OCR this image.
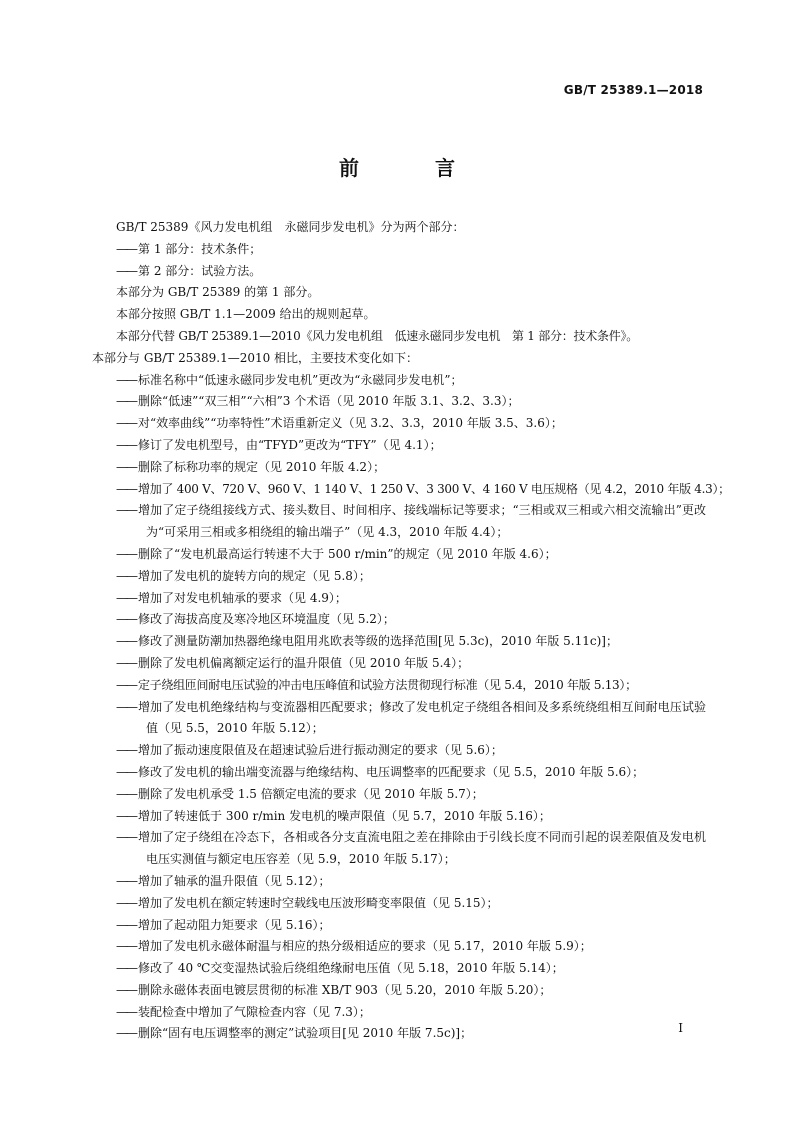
GB/T 25389.1—2018
前　言

GB/T 25389《风力发电机组　永磁同步发电机》分为两个部分：

—— 第 1 部分：技术条件；

—— 第 2 部分：试验方法。

本部分为 GB/T 25389 的第 1 部分。

本部分按照 GB/T 1.1—2009 给出的规则起草。

本部分代替 GB/T 25389.1—2010《风力发电机组　低速永磁同步发电机　第 1 部分：技术条件》。

本部分与 GB/T 25389.1—2010 相比，主要技术变化如下：

—— 标准名称中“低速永磁同步发电机”更改为“永磁同步发电机”；

—— 删除“低速”“双三相”“六相”3 个术语（见 2010 年版 3.1、3.2、3.3）；

—— 对“效率曲线”“功率特性”术语重新定义（见 3.2、3.3，2010 年版 3.5、3.6）；

—— 修订了发电机型号，由“TFYD”更改为“TFY”（见 4.1）；

—— 删除了标称功率的规定（见 2010 年版 4.2）；

—— 增加了 400 V、720 V、960 V、1 140 V、1 250 V、3 300 V、4 160 V 电压规格（见 4.2，2010 年版 4.3）；

—— 增加了定子绕组接线方式、接头数目、时间相序、接线端标记等要求；“三相或双三相或六相交流输出”更改为“可采用三相或多相绕组的输出端子”（见 4.3，2010 年版 4.4）；

—— 删除了“发电机最高运行转速不大于 500 r/min”的规定（见 2010 年版 4.6）；

—— 增加了发电机的旋转方向的规定（见 5.8）；

—— 增加了对发电机轴承的要求（见 4.9）；

—— 修改了海拔高度及寒冷地区环境温度（见 5.2）；

—— 修改了测量防潮加热器绝缘电阻用兆欧表等级的选择范围[见 5.3c)，2010 年版 5.11c)]；

—— 删除了发电机偏离额定运行的温升限值（见 2010 年版 5.4）；

—— 定子绕组匝间耐电压试验的冲击电压峰值和试验方法贯彻现行标准（见 5.4，2010 年版 5.13）；

—— 增加了发电机绝缘结构与变流器相匹配要求；修改了发电机定子绕组各相间及多系统绕组相互间耐电压试验值（见 5.5，2010 年版 5.12）；

—— 增加了振动速度限值及在超速试验后进行振动测定的要求（见 5.6）；

—— 修改了发电机的输出端变流器与绝缘结构、电压调整率的匹配要求（见 5.5，2010 年版 5.6）；

—— 删除了发电机承受 1.5 倍额定电流的要求（见 2010 年版 5.7）；

—— 增加了转速低于 300 r/min 发电机的噪声限值（见 5.7，2010 年版 5.16）；

—— 增加了定子绕组在冷态下，各相或各分支直流电阻之差在排除由于引线长度不同而引起的误差限值及发电机电压实测值与额定电压容差（见 5.9，2010 年版 5.17）；

—— 增加了轴承的温升限值（见 5.12）；

—— 增加了发电机在额定转速时空载线电压波形畸变率限值（见 5.15）；

—— 增加了起动阻力矩要求（见 5.16）；

—— 增加了发电机永磁体耐温与相应的热分级相适应的要求（见 5.17，2010 年版 5.9）；

—— 修改了 40 ℃交变湿热试验后绕组绝缘耐电压值（见 5.18，2010 年版 5.14）；

—— 删除永磁体表面电镀层贯彻的标准 XB/T 903（见 5.20，2010 年版 5.20）；

—— 装配检查中增加了气隙检查内容（见 7.3）；

—— 删除“固有电压调整率的测定”试验项目[见 2010 年版 7.5c)]；	I
